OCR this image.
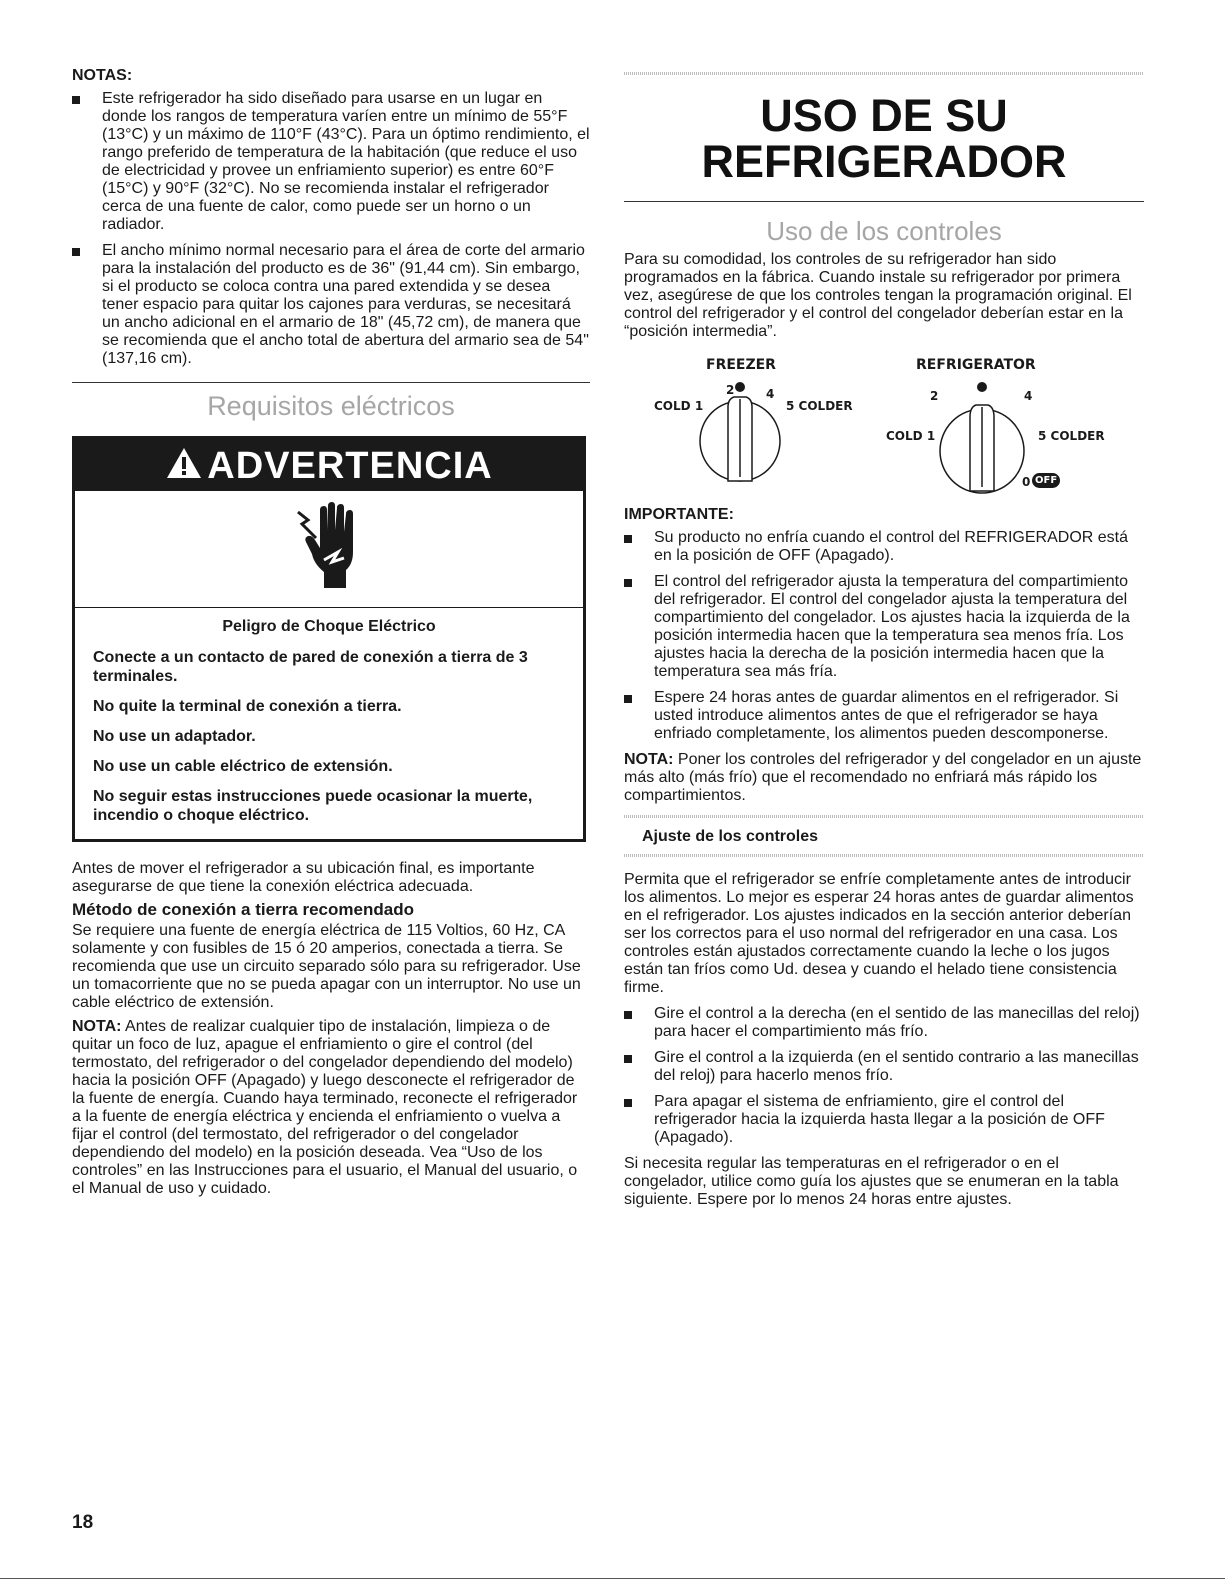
NOTAS:
Este refrigerador ha sido diseñado para usarse en un lugar en donde los rangos de temperatura varíen entre un mínimo de 55°F (13°C) y un máximo de 110°F (43°C). Para un óptimo rendimiento, el rango preferido de temperatura de la habitación (que reduce el uso de electricidad y provee un enfriamiento superior) es entre 60°F (15°C) y 90°F (32°C). No se recomienda instalar el refrigerador cerca de una fuente de calor, como puede ser un horno o un radiador.
El ancho mínimo normal necesario para el área de corte del armario para la instalación del producto es de 36" (91,44 cm). Sin embargo, si el producto se coloca contra una pared extendida y se desea tener espacio para quitar los cajones para verduras, se necesitará un ancho adicional en el armario de 18" (45,72 cm), de manera que se recomienda que el ancho total de abertura del armario sea de 54" (137,16 cm).
Requisitos eléctricos
ADVERTENCIA

Peligro de Choque Eléctrico

Conecte a un contacto de pared de conexión a tierra de 3 terminales.

No quite la terminal de conexión a tierra.

No use un adaptador.

No use un cable eléctrico de extensión.

No seguir estas instrucciones puede ocasionar la muerte, incendio o choque eléctrico.

Antes de mover el refrigerador a su ubicación final, es importante asegurarse de que tiene la conexión eléctrica adecuada.

Método de conexión a tierra recomendado

Se requiere una fuente de energía eléctrica de 115 Voltios, 60 Hz, CA solamente y con fusibles de 15 ó 20 amperios, conectada a tierra. Se recomienda que use un circuito separado sólo para su refrigerador. Use un tomacorriente que no se pueda apagar con un interruptor. No use un cable eléctrico de extensión.

NOTA: Antes de realizar cualquier tipo de instalación, limpieza o de quitar un foco de luz, apague el enfriamiento o gire el control (del termostato, del refrigerador o del congelador dependiendo del modelo) hacia la posición OFF (Apagado) y luego desconecte el refrigerador de la fuente de energía. Cuando haya terminado, reconecte el refrigerador a la fuente de energía eléctrica y encienda el enfriamiento o vuelva a fijar el control (del termostato, del refrigerador o del congelador dependiendo del modelo) en la posición deseada. Vea “Uso de los controles” en las Instrucciones para el usuario, el Manual del usuario, o el Manual de uso y cuidado.

USO DE SU
REFRIGERADOR
Uso de los controles

Para su comodidad, los controles de su refrigerador han sido programados en la fábrica. Cuando instale su refrigerador por primera vez, asegúrese de que los controles tengan la programación original. El control del refrigerador y el control del congelador deberían estar en la “posición intermedia”.

FREEZER	REFRIGERATOR
2	4
COLD 1	5 COLDER
2	4
COLD 1	5 COLDER
0 OFF
IMPORTANTE:
Su producto no enfría cuando el control del REFRIGERADOR está en la posición de OFF (Apagado).
El control del refrigerador ajusta la temperatura del compartimiento del refrigerador. El control del congelador ajusta la temperatura del compartimiento del congelador. Los ajustes hacia la izquierda de la posición intermedia hacen que la temperatura sea menos fría. Los ajustes hacia la derecha de la posición intermedia hacen que la temperatura sea más fría.
Espere 24 horas antes de guardar alimentos en el refrigerador. Si usted introduce alimentos antes de que el refrigerador se haya enfriado completamente, los alimentos pueden descomponerse.

NOTA: Poner los controles del refrigerador y del congelador en un ajuste más alto (más frío) que el recomendado no enfriará más rápido los compartimientos.

Ajuste de los controles

Permita que el refrigerador se enfríe completamente antes de introducir los alimentos. Lo mejor es esperar 24 horas antes de guardar alimentos en el refrigerador. Los ajustes indicados en la sección anterior deberían ser los correctos para el uso normal del refrigerador en una casa. Los controles están ajustados correctamente cuando la leche o los jugos están tan fríos como Ud. desea y cuando el helado tiene consistencia firme.

Gire el control a la derecha (en el sentido de las manecillas del reloj) para hacer el compartimiento más frío.
Gire el control a la izquierda (en el sentido contrario a las manecillas del reloj) para hacerlo menos frío.
Para apagar el sistema de enfriamiento, gire el control del refrigerador hacia la izquierda hasta llegar a la posición de OFF (Apagado).

Si necesita regular las temperaturas en el refrigerador o en el congelador, utilice como guía los ajustes que se enumeran en la tabla siguiente. Espere por lo menos 24 horas entre ajustes.

18
